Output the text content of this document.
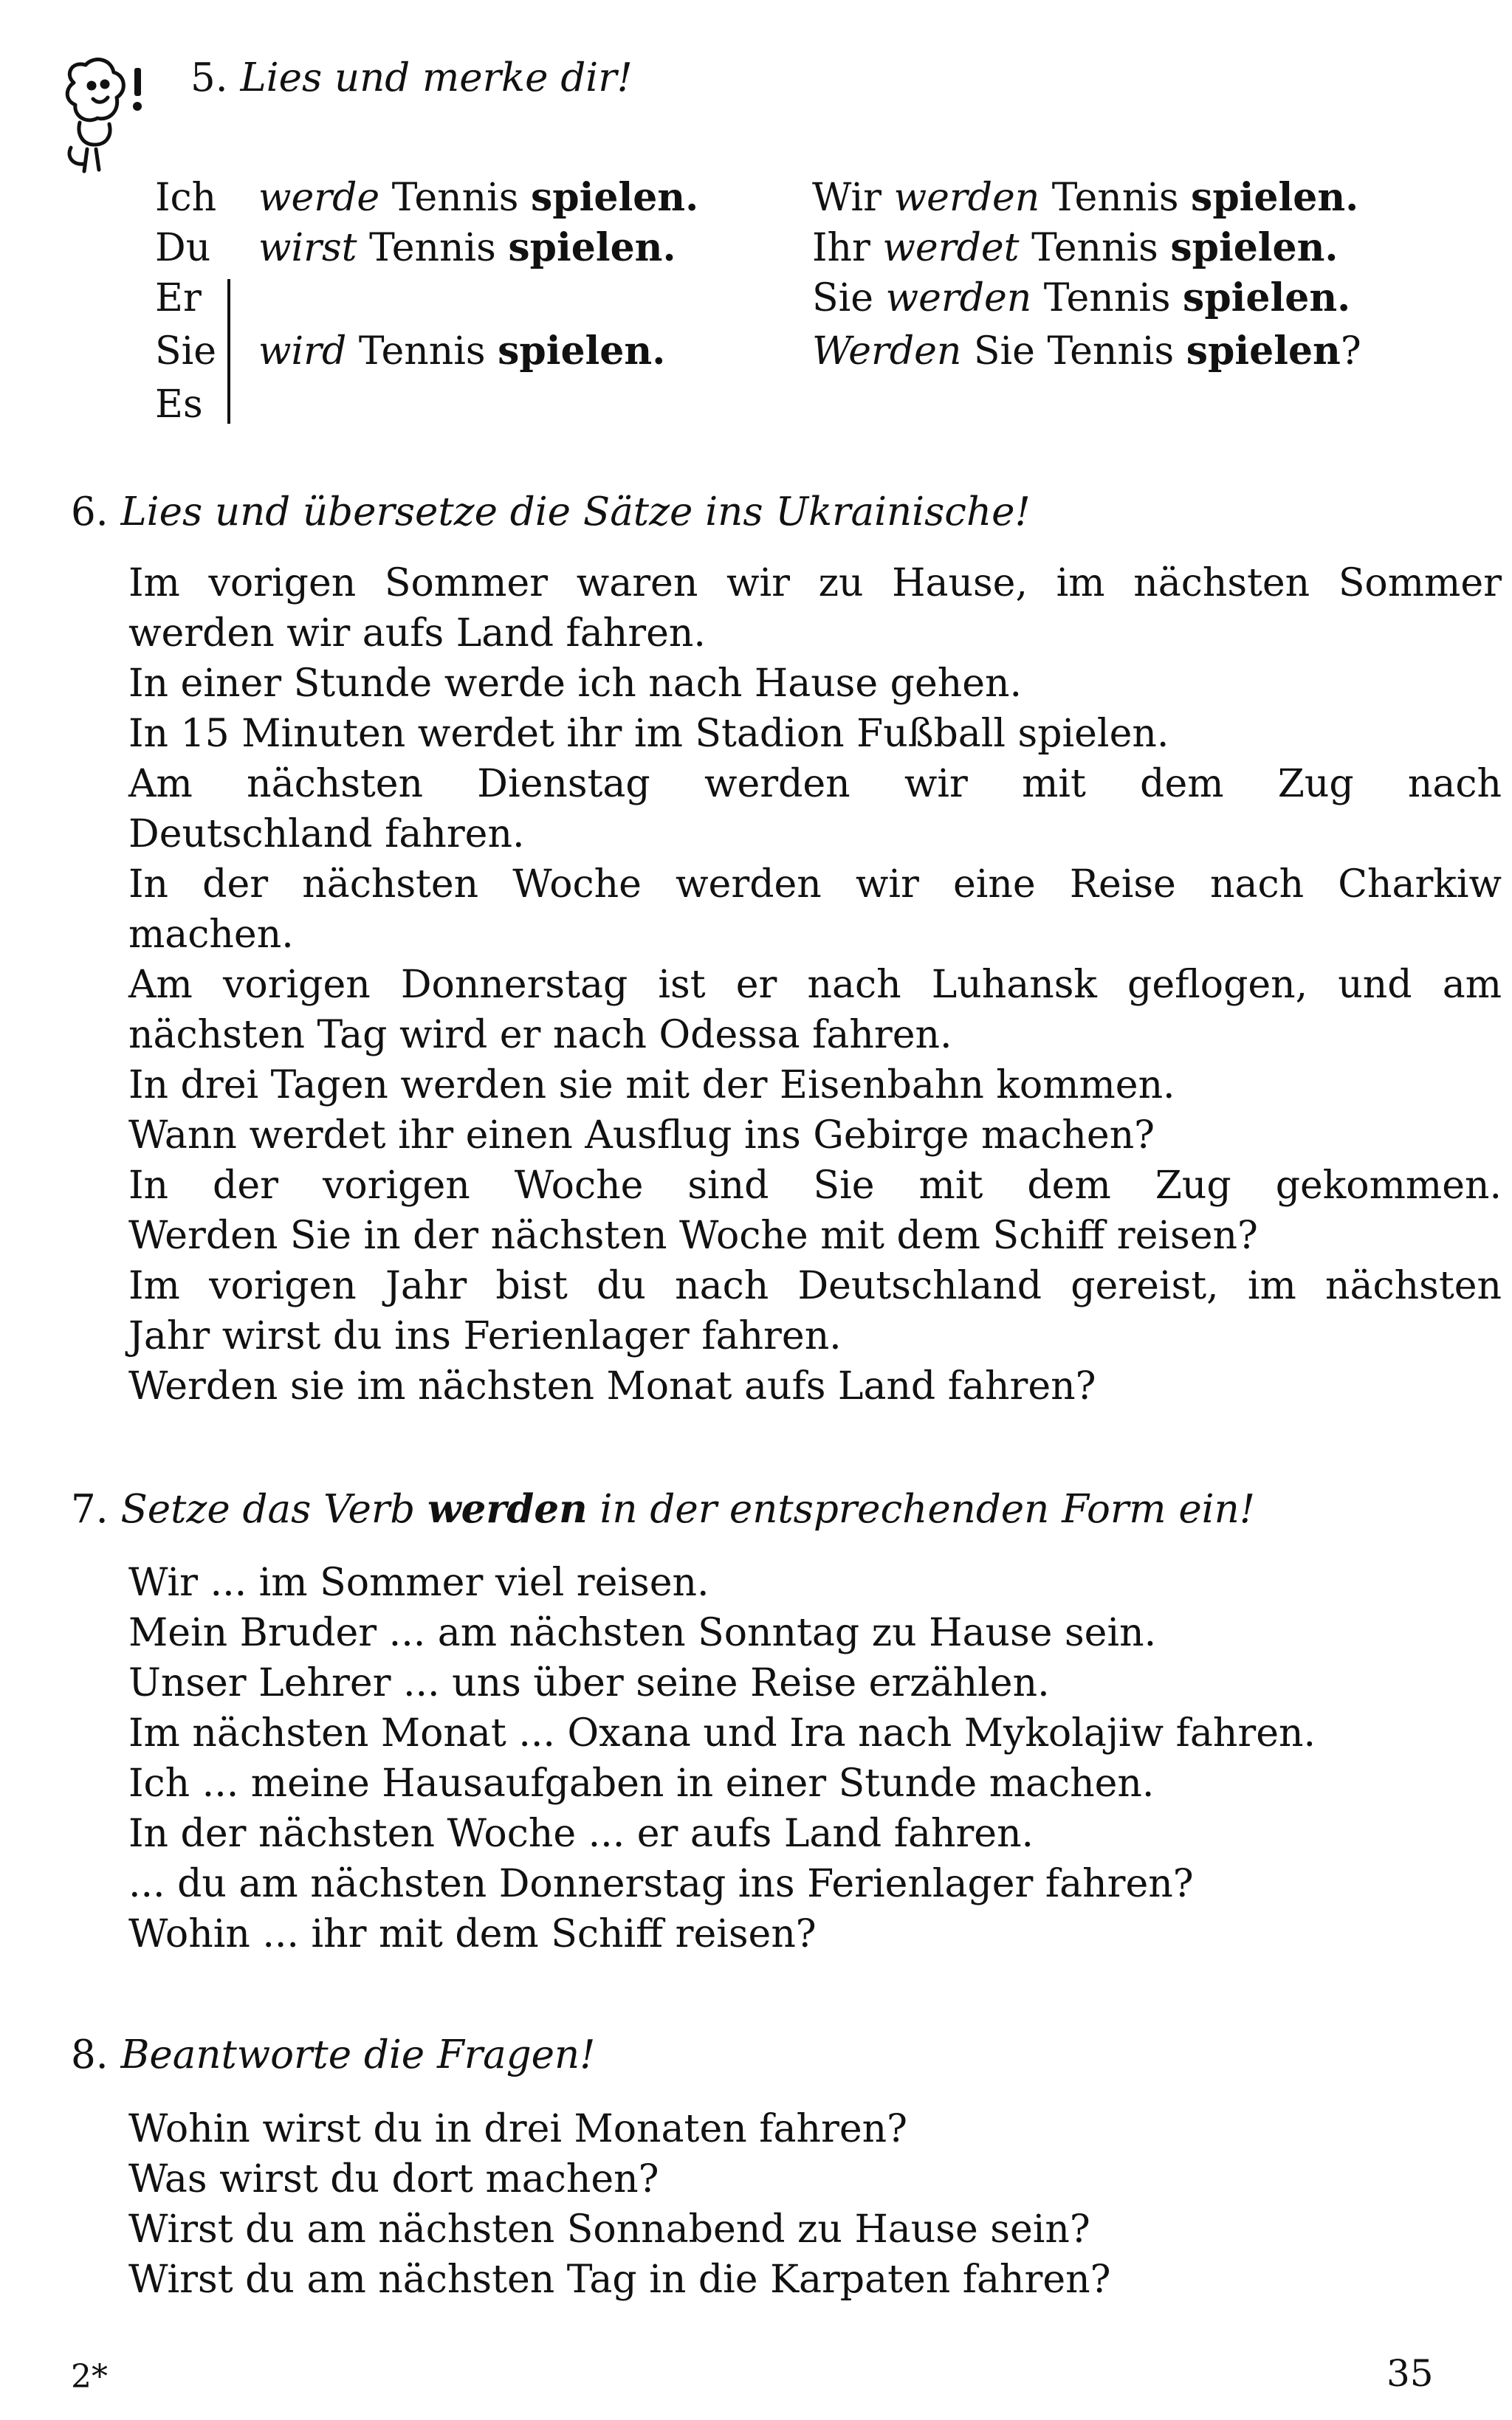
5. Lies und merke dir!
Ich werde Tennis spielen.
Du wirst Tennis spielen.
Er
Sie
Es
wird Tennis spielen.
Wir werden Tennis spielen.
Ihr werdet Tennis spielen.
Sie werden Tennis spielen.
Werden Sie Tennis spielen?
6. Lies und übersetze die Sätze ins Ukrainische!
Im vorigen Sommer waren wir zu Hause, im nächsten Sommer
werden wir aufs Land fahren.
In einer Stunde werde ich nach Hause gehen.
In 15 Minuten werdet ihr im Stadion Fußball spielen.
Am nächsten Dienstag werden wir mit dem Zug nach
Deutschland fahren.
In der nächsten Woche werden wir eine Reise nach Charkiw
machen.
Am vorigen Donnerstag ist er nach Luhansk geflogen, und am
nächsten Tag wird er nach Odessa fahren.
In drei Tagen werden sie mit der Eisenbahn kommen.
Wann werdet ihr einen Ausflug ins Gebirge machen?
In der vorigen Woche sind Sie mit dem Zug gekommen.
Werden Sie in der nächsten Woche mit dem Schiff reisen?
Im vorigen Jahr bist du nach Deutschland gereist, im nächsten
Jahr wirst du ins Ferienlager fahren.
Werden sie im nächsten Monat aufs Land fahren?
7. Setze das Verb werden in der entsprechenden Form ein!
Wir ... im Sommer viel reisen.
Mein Bruder ... am nächsten Sonntag zu Hause sein.
Unser Lehrer ... uns über seine Reise erzählen.
Im nächsten Monat ... Oxana und Ira nach Mykolajiw fahren.
Ich ... meine Hausaufgaben in einer Stunde machen.
In der nächsten Woche ... er aufs Land fahren.
... du am nächsten Donnerstag ins Ferienlager fahren?
Wohin ... ihr mit dem Schiff reisen?
8. Beantworte die Fragen!
Wohin wirst du in drei Monaten fahren?
Was wirst du dort machen?
Wirst du am nächsten Sonnabend zu Hause sein?
Wirst du am nächsten Tag in die Karpaten fahren?
2*	35
